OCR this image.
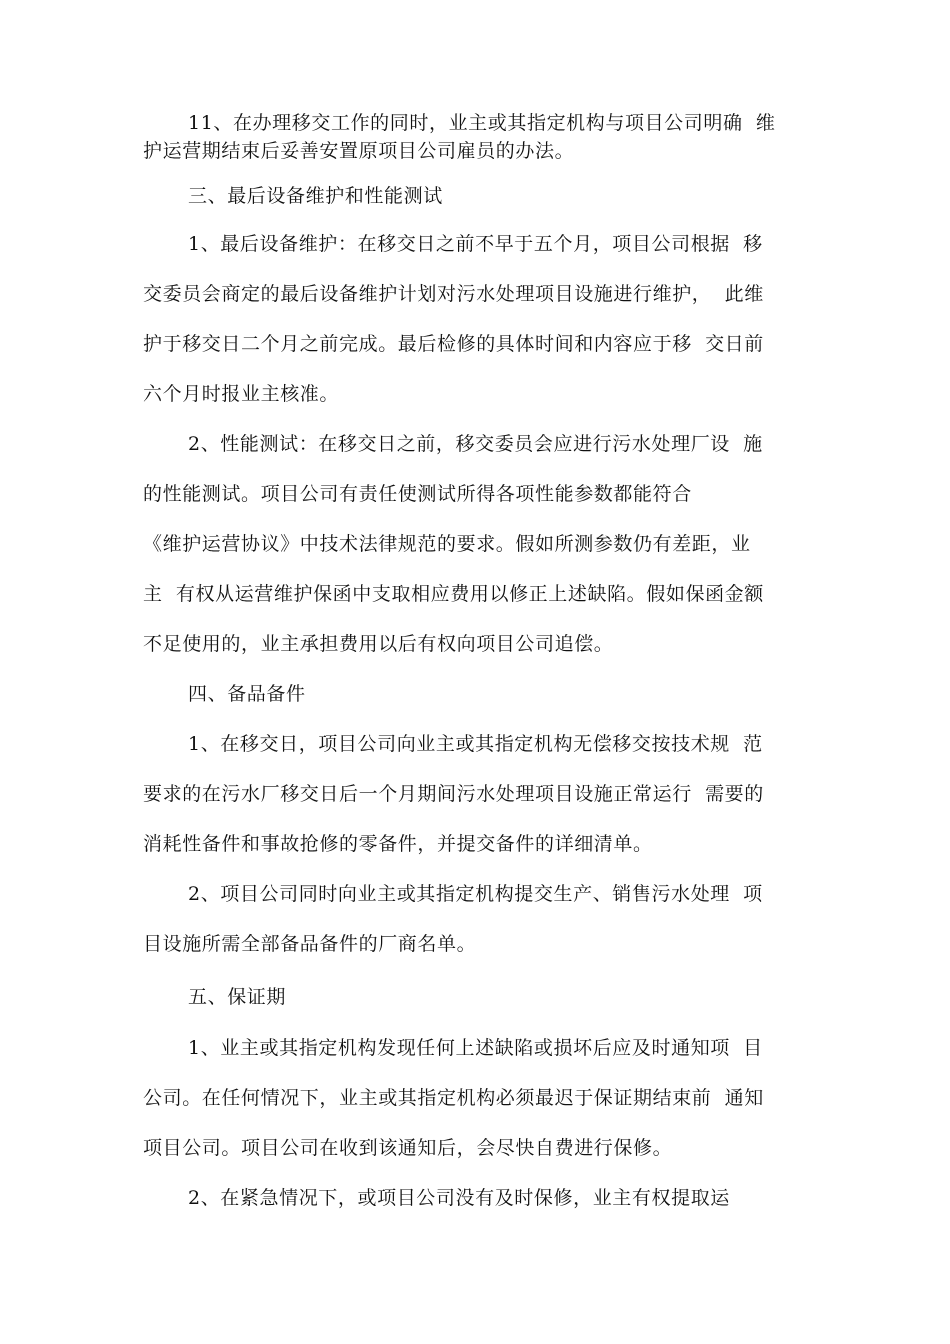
11、在办理移交工作的同时，业主或其指定机构与项目公司明确  维
护运营期结束后妥善安置原项目公司雇员的办法。
三、最后设备维护和性能测试
1、最后设备维护：在移交日之前不早于五个月，项目公司根据  移
交委员会商定的最后设备维护计划对污水处理项目设施进行维护，  此维
护于移交日二个月之前完成。最后检修的具体时间和内容应于移  交日前
六个月时报业主核准。
2、性能测试：在移交日之前，移交委员会应进行污水处理厂设  施
的性能测试。项目公司有责任使测试所得各项性能参数都能符合
《维护运营协议》中技术法律规范的要求。假如所测参数仍有差距，业
主  有权从运营维护保函中支取相应费用以修正上述缺陷。假如保函金额
不足使用的，业主承担费用以后有权向项目公司追偿。
四、备品备件
1、在移交日，项目公司向业主或其指定机构无偿移交按技术规  范
要求的在污水厂移交日后一个月期间污水处理项目设施正常运行  需要的
消耗性备件和事故抢修的零备件，并提交备件的详细清单。
2、项目公司同时向业主或其指定机构提交生产、销售污水处理  项
目设施所需全部备品备件的厂商名单。
五、保证期
1、业主或其指定机构发现任何上述缺陷或损坏后应及时通知项  目
公司。在任何情况下，业主或其指定机构必须最迟于保证期结束前  通知
项目公司。项目公司在收到该通知后，会尽快自费进行保修。
2、在紧急情况下，或项目公司没有及时保修，业主有权提取运
